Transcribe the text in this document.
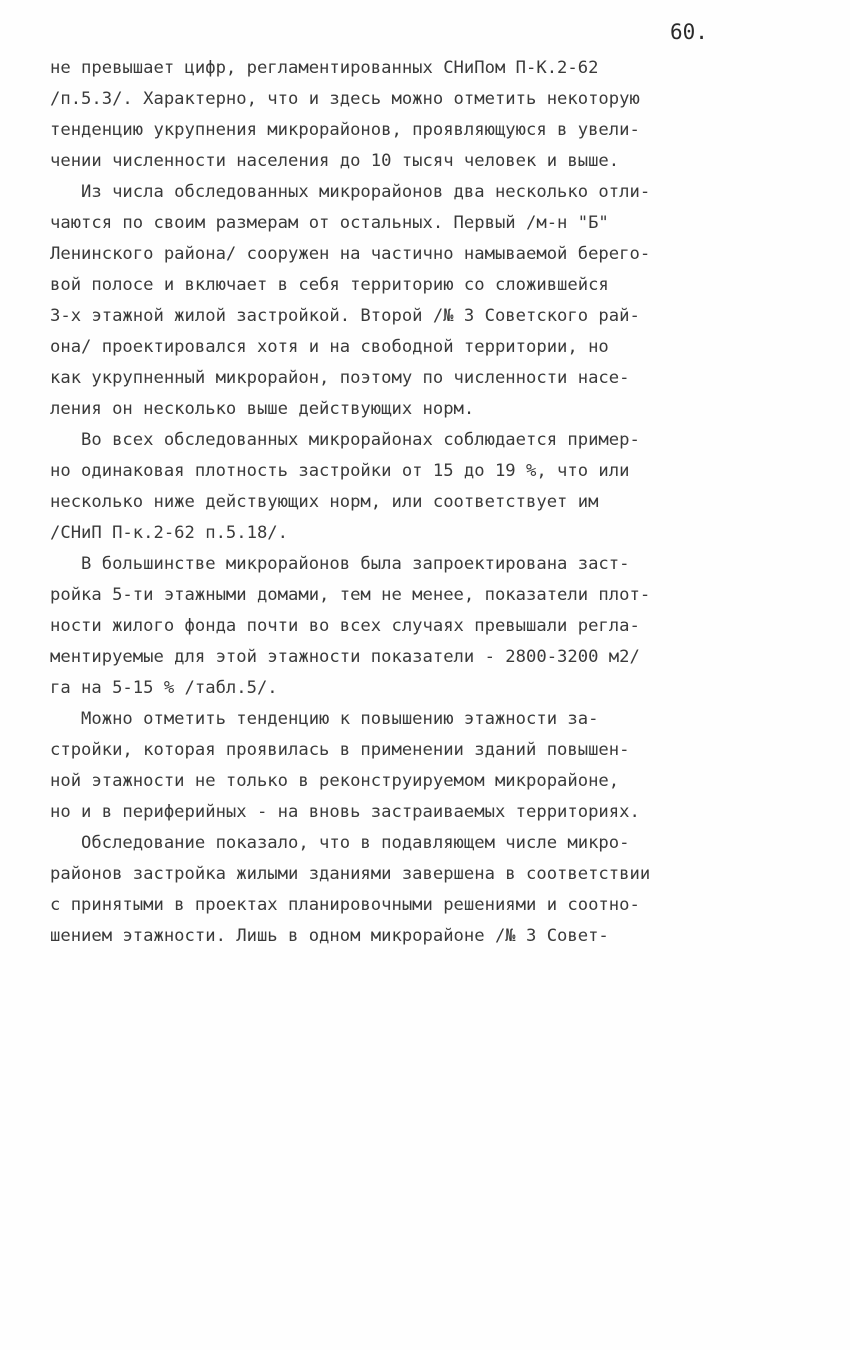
60.
не превышает цифр, регламентированных СНиПом П-К.2-62
/п.5.3/. Характерно, что и здесь можно отметить некоторую
тенденцию укрупнения микрорайонов, проявляющуюся в увели-
чении численности населения до 10 тысяч человек и выше.
Из числа обследованных микрорайонов два несколько отли-
чаются по своим размерам от остальных. Первый /м-н "Б"
Ленинского района/ сооружен на частично намываемой берего-
вой полосе и включает в себя территорию со сложившейся
3-х этажной жилой застройкой. Второй /№ 3 Советского рай-
она/ проектировался хотя и на свободной территории, но
как укрупненный микрорайон, поэтому по численности насе-
ления он несколько выше действующих норм.
Во всех обследованных микрорайонах соблюдается пример-
но одинаковая плотность застройки от 15 до 19 %, что или
несколько ниже действующих норм, или соответствует им
/СНиП П-к.2-62 п.5.18/.
В большинстве микрорайонов была запроектирована заст-
ройка 5-ти этажными домами, тем не менее, показатели плот-
ности жилого фонда почти во всех случаях превышали регла-
ментируемые для этой этажности показатели - 2800-3200 м2/
га на 5-15 % /табл.5/.
Можно отметить тенденцию к повышению этажности за-
стройки, которая проявилась в применении зданий повышен-
ной этажности не только в реконструируемом микрорайоне,
но и в периферийных - на вновь застраиваемых территориях.
Обследование показало, что в подавляющем числе микро-
районов застройка жилыми зданиями завершена в соответствии
с принятыми в проектах планировочными решениями и соотно-
шением этажности. Лишь в одном микрорайоне /№ 3 Совет-
